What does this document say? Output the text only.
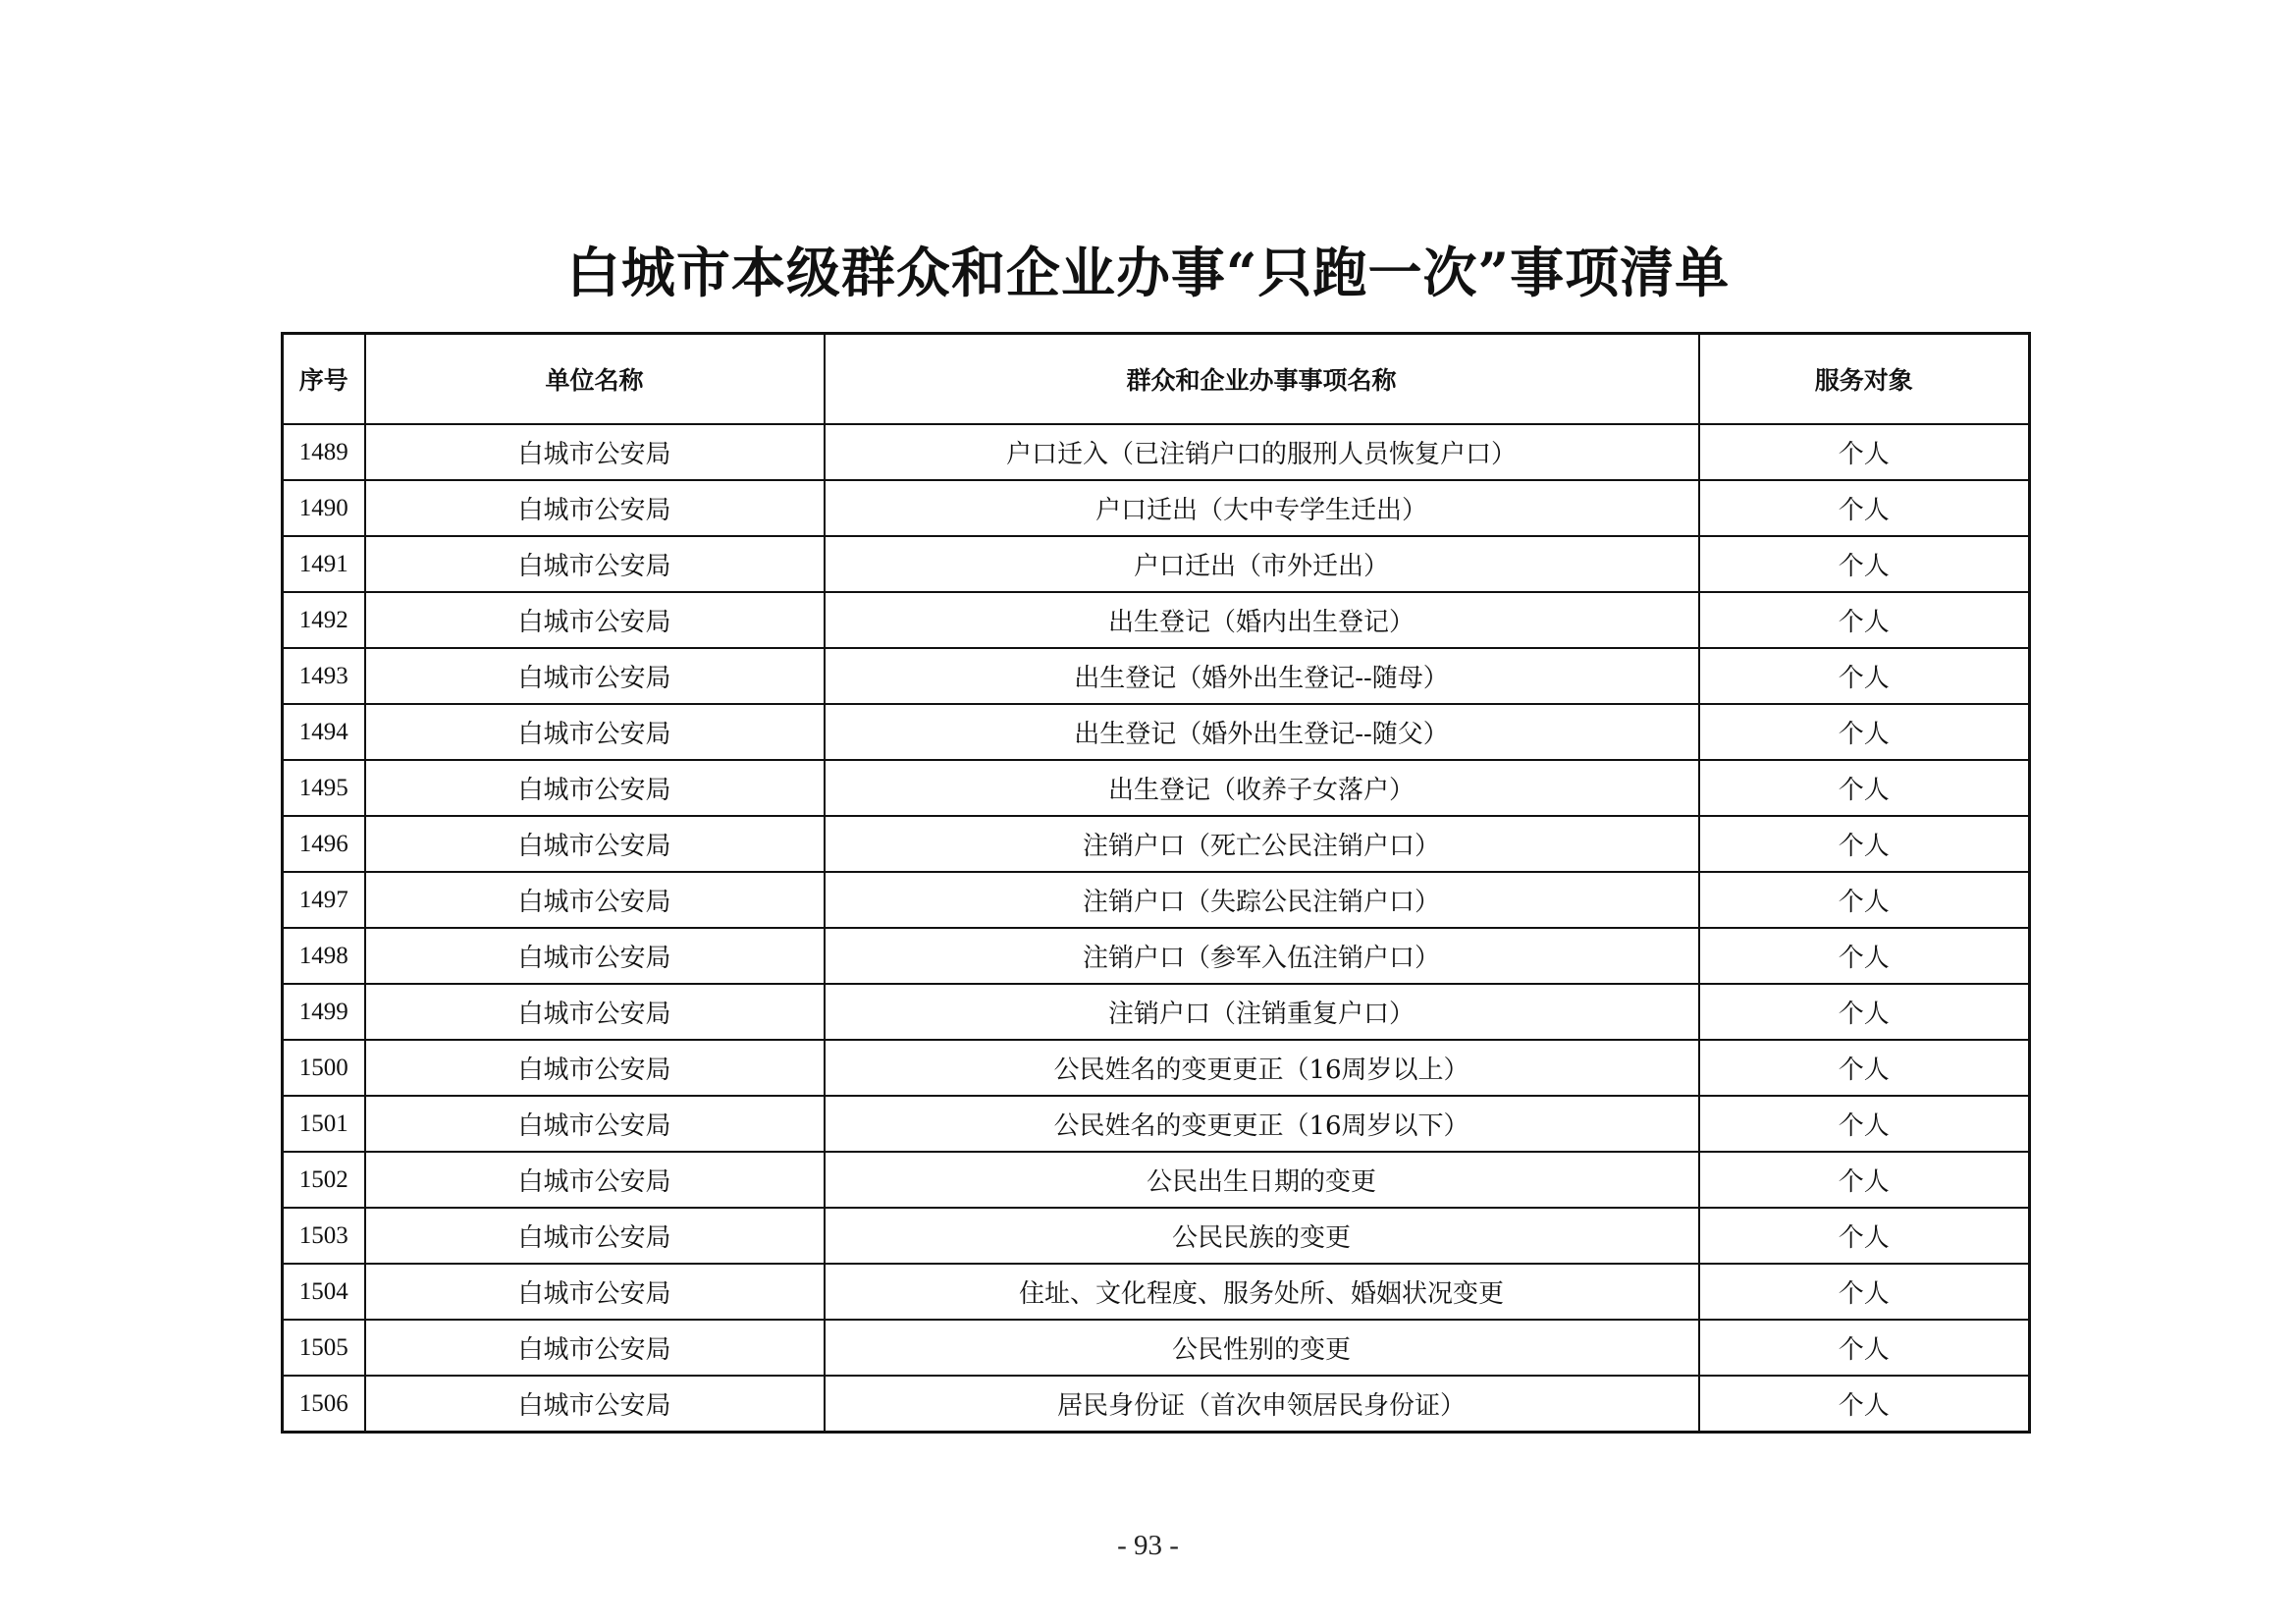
白城市本级群众和企业办事“只跑一次”事项清单
序号	单位名称	群众和企业办事事项名称	服务对象
1489	白城市公安局	户口迁入（已注销户口的服刑人员恢复户口）	个人
1490	白城市公安局	户口迁出（大中专学生迁出）	个人
1491	白城市公安局	户口迁出（市外迁出）	个人
1492	白城市公安局	出生登记（婚内出生登记）	个人
1493	白城市公安局	出生登记（婚外出生登记--随母）	个人
1494	白城市公安局	出生登记（婚外出生登记--随父）	个人
1495	白城市公安局	出生登记（收养子女落户）	个人
1496	白城市公安局	注销户口（死亡公民注销户口）	个人
1497	白城市公安局	注销户口（失踪公民注销户口）	个人
1498	白城市公安局	注销户口（参军入伍注销户口）	个人
1499	白城市公安局	注销户口（注销重复户口）	个人
1500	白城市公安局	公民姓名的变更更正（16周岁以上）	个人
1501	白城市公安局	公民姓名的变更更正（16周岁以下）	个人
1502	白城市公安局	公民出生日期的变更	个人
1503	白城市公安局	公民民族的变更	个人
1504	白城市公安局	住址、文化程度、服务处所、婚姻状况变更	个人
1505	白城市公安局	公民性别的变更	个人
1506	白城市公安局	居民身份证（首次申领居民身份证）	个人
- 93 -
